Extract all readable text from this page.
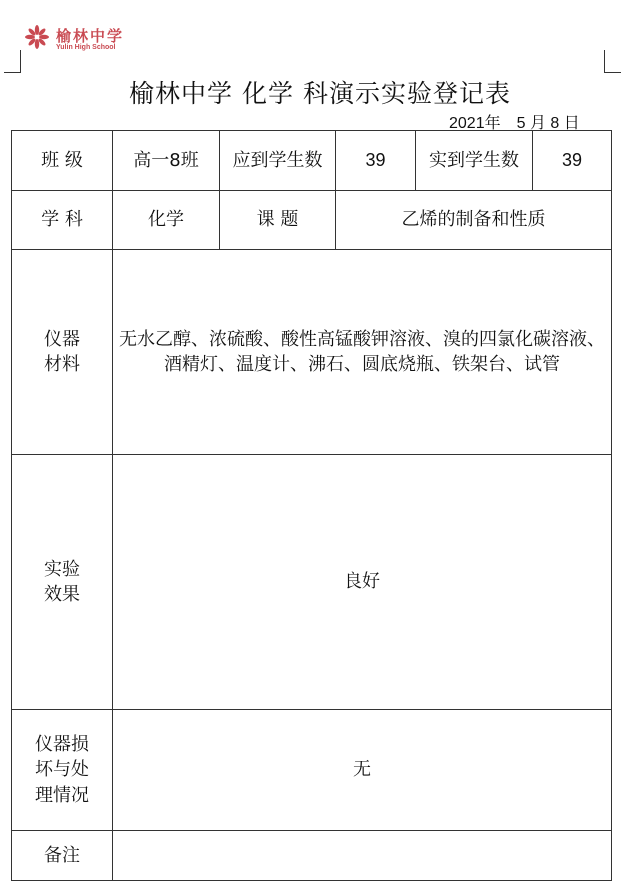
榆林中学
Yulin High School
榆林中学 化学 科演示实验登记表
2021年　5 月 8 日
班 级	高一8班	应到学生数	39	实到学生数	39
学 科	化学	课 题	乙烯的制备和性质		

仪器材料	无水乙醇、浓硫酸、酸性高锰酸钾溶液、溴的四氯化碳溶液、酒精灯、温度计、沸石、圆底烧瓶、铁架台、试管				

实验效果	良好				

仪器损坏与处理情况	无				
备注					
